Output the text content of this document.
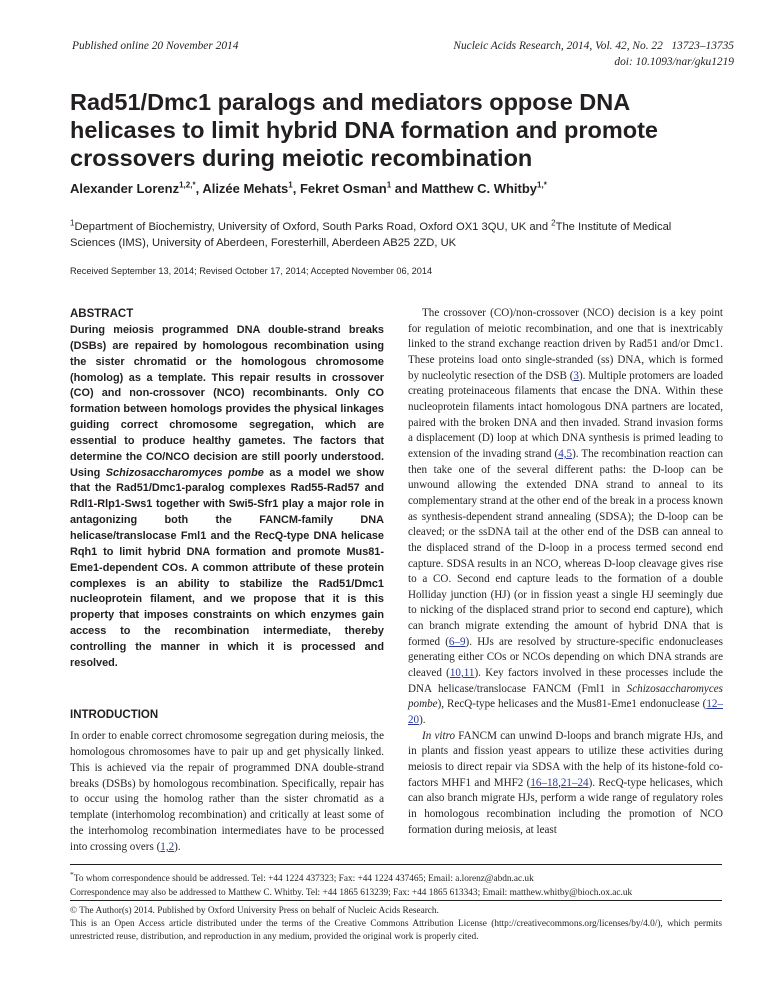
Published online 20 November 2014	Nucleic Acids Research, 2014, Vol. 42, No. 22 13723–13735
doi: 10.1093/nar/gku1219
Rad51/Dmc1 paralogs and mediators oppose DNA helicases to limit hybrid DNA formation and promote crossovers during meiotic recombination
Alexander Lorenz$^{1,2,*}$, Alizée Mehats$^1$, Fekret Osman$^1$ and Matthew C. Whitby$^{1,*}$
$^1$Department of Biochemistry, University of Oxford, South Parks Road, Oxford OX1 3QU, UK and $^2$The Institute of Medical Sciences (IMS), University of Aberdeen, Foresterhill, Aberdeen AB25 2ZD, UK
Received September 13, 2014; Revised October 17, 2014; Accepted November 06, 2014
ABSTRACT
During meiosis programmed DNA double-strand breaks (DSBs) are repaired by homologous recombination using the sister chromatid or the homologous chromosome (homolog) as a template. This repair results in crossover (CO) and non-crossover (NCO) recombinants. Only CO formation between homologs provides the physical linkages guiding correct chromosome segregation, which are essential to produce healthy gametes. The factors that determine the CO/NCO decision are still poorly understood. Using Schizosaccharomyces pombe as a model we show that the Rad51/Dmc1-paralog complexes Rad55-Rad57 and Rdl1-Rlp1-Sws1 together with Swi5-Sfr1 play a major role in antagonizing both the FANCM-family DNA helicase/translocase Fml1 and the RecQ-type DNA helicase Rqh1 to limit hybrid DNA formation and promote Mus81-Eme1-dependent COs. A common attribute of these protein complexes is an ability to stabilize the Rad51/Dmc1 nucleoprotein filament, and we propose that it is this property that imposes constraints on which enzymes gain access to the recombination intermediate, thereby controlling the manner in which it is processed and resolved.
INTRODUCTION
In order to enable correct chromosome segregation during meiosis, the homologous chromosomes have to pair up and get physically linked. This is achieved via the repair of programmed DNA double-strand breaks (DSBs) by homologous recombination. Specifically, repair has to occur using the homolog rather than the sister chromatid as a template (interhomolog recombination) and critically at least some of the interhomolog recombination intermediates have to be processed into crossing overs (1,2).
The crossover (CO)/non-crossover (NCO) decision is a key point for regulation of meiotic recombination, and one that is inextricably linked to the strand exchange reaction driven by Rad51 and/or Dmc1. These proteins load onto single-stranded (ss) DNA, which is formed by nucleolytic resection of the DSB (3). Multiple protomers are loaded creating proteinaceous filaments that encase the DNA. Within these nucleoprotein filaments intact homologous DNA partners are located, paired with the broken DNA and then invaded. Strand invasion forms a displacement (D) loop at which DNA synthesis is primed leading to extension of the invading strand (4,5). The recombination reaction can then take one of the several different paths: the D-loop can be unwound allowing the extended DNA strand to anneal to its complementary strand at the other end of the break in a process known as synthesis-dependent strand annealing (SDSA); the D-loop can be cleaved; or the ssDNA tail at the other end of the DSB can anneal to the displaced strand of the D-loop in a process termed second end capture. SDSA results in an NCO, whereas D-loop cleavage gives rise to a CO. Second end capture leads to the formation of a double Holliday junction (HJ) (or in fission yeast a single HJ seemingly due to nicking of the displaced strand prior to second end capture), which can branch migrate extending the amount of hybrid DNA that is formed (6–9). HJs are resolved by structure-specific endonucleases generating either COs or NCOs depending on which DNA strands are cleaved (10,11). Key factors involved in these processes include the DNA helicase/translocase FANCM (Fml1 in Schizosaccharomyces pombe), RecQ-type helicases and the Mus81-Eme1 endonuclease (12–20).
In vitro FANCM can unwind D-loops and branch migrate HJs, and in plants and fission yeast appears to utilize these activities during meiosis to direct repair via SDSA with the help of its histone-fold co-factors MHF1 and MHF2 (16–18,21–24). RecQ-type helicases, which can also branch migrate HJs, perform a wide range of regulatory roles in homologous recombination including the promotion of NCO formation during meiosis, at least
*To whom correspondence should be addressed. Tel: +44 1224 437323; Fax: +44 1224 437465; Email: a.lorenz@abdn.ac.uk
Correspondence may also be addressed to Matthew C. Whitby. Tel: +44 1865 613239; Fax: +44 1865 613343; Email: matthew.whitby@bioch.ox.ac.uk
© The Author(s) 2014. Published by Oxford University Press on behalf of Nucleic Acids Research.
This is an Open Access article distributed under the terms of the Creative Commons Attribution License (http://creativecommons.org/licenses/by/4.0/), which permits unrestricted reuse, distribution, and reproduction in any medium, provided the original work is properly cited.
